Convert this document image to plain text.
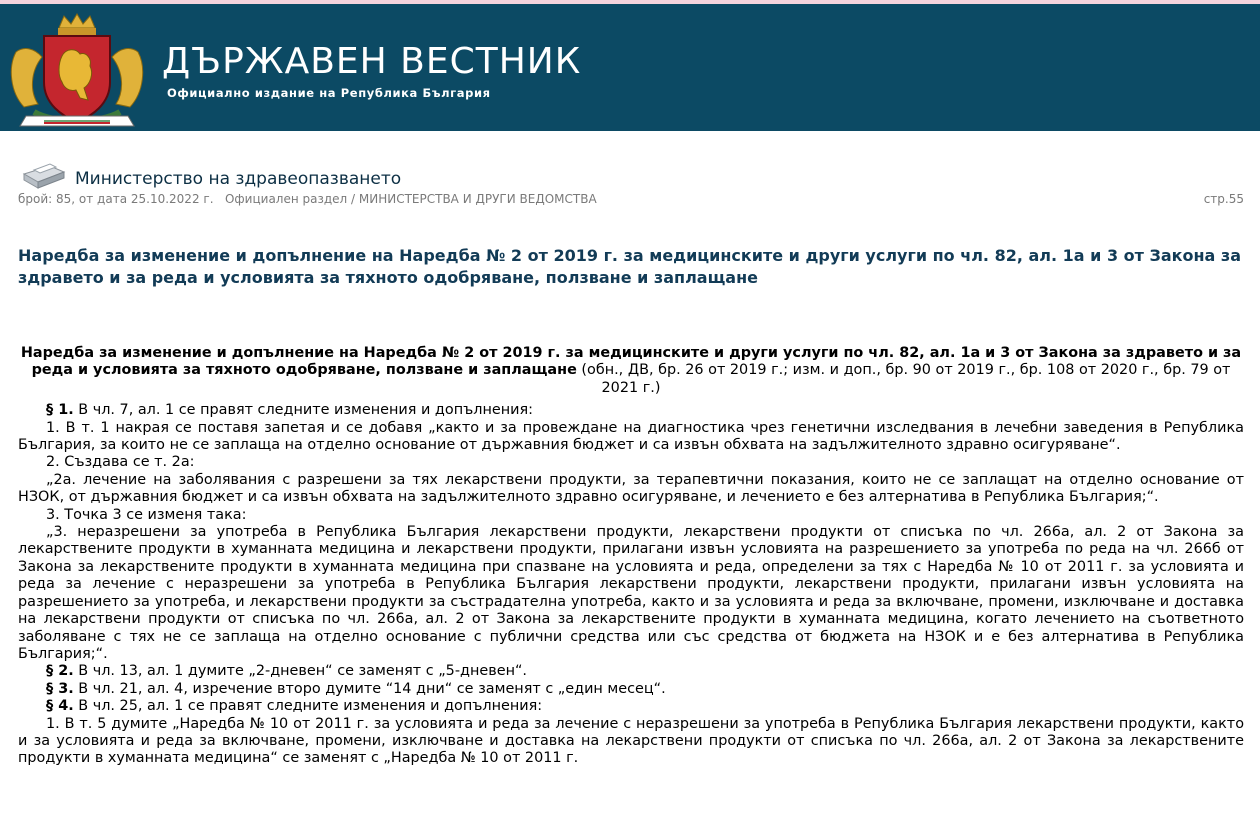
ДЪРЖАВЕН ВЕСТНИК
Официално издание на Република България
Министерство на здравеопазването
брой: 85, от дата 25.10.2022 г. Официален раздел / МИНИСТЕРСТВА И ДРУГИ ВЕДОМСТВА	стр.55
Наредба за изменение и допълнение на Наредба № 2 от 2019 г. за медицинските и други услуги по чл. 82, ал. 1а и 3 от Закона за здравето и за реда и условията за тяхното одобряване, ползване и заплащане
Наредба за изменение и допълнение на Наредба № 2 от 2019 г. за медицинските и други услуги по чл. 82, ал. 1а и 3 от Закона за здравето и за реда и условията за тяхното одобряване, ползване и заплащане (обн., ДВ, бр. 26 от 2019 г.; изм. и доп., бр. 90 от 2019 г., бр. 108 от 2020 г., бр. 79 от 2021 г.)

§ 1. В чл. 7, ал. 1 се правят следните изменения и допълнения:

1. В т. 1 накрая се поставя запетая и се добавя „както и за провеждане на диагностика чрез генетични изследвания в лечебни заведения в Република България, за които не се заплаща на отделно основание от държавния бюджет и са извън обхвата на задължителното здравно осигуряване“.

2. Създава се т. 2а:

„2а. лечение на заболявания с разрешени за тях лекарствени продукти, за терапевтични показания, които не се заплащат на отделно основание от НЗОК, от държавния бюджет и са извън обхвата на задължителното здравно осигуряване, и лечението е без алтернатива в Република България;“.

3. Точка 3 се изменя така:

„3. неразрешени за употреба в Република България лекарствени продукти, лекарствени продукти от списъка по чл. 266а, ал. 2 от Закона за лекарствените продукти в хуманната медицина и лекарствени продукти, прилагани извън условията на разрешението за употреба по реда на чл. 266б от Закона за лекарствените продукти в хуманната медицина при спазване на условията и реда, определени за тях с Наредба № 10 от 2011 г. за условията и реда за лечение с неразрешени за употреба в Република България лекарствени продукти, лекарствени продукти, прилагани извън условията на разрешението за употреба, и лекарствени продукти за състрадателна употреба, както и за условията и реда за включване, промени, изключване и доставка на лекарствени продукти от списъка по чл. 266а, ал. 2 от Закона за лекарствените продукти в хуманната медицина, когато лечението на съответното заболяване с тях не се заплаща на отделно основание с публични средства или със средства от бюджета на НЗОК и е без алтернатива в Република България;“.

§ 2. В чл. 13, ал. 1 думите „2-дневен“ се заменят с „5-дневен“.

§ 3. В чл. 21, ал. 4, изречение второ думите “14 дни“ се заменят с „един месец“.

§ 4. В чл. 25, ал. 1 се правят следните изменения и допълнения:

1. В т. 5 думите „Наредба № 10 от 2011 г. за условията и реда за лечение с неразрешени за употреба в Република България лекарствени продукти, както и за условията и реда за включване, промени, изключване и доставка на лекарствени продукти от списъка по чл. 266а, ал. 2 от Закона за лекарствените продукти в хуманната медицина“ се заменят с „Наредба № 10 от 2011 г.
